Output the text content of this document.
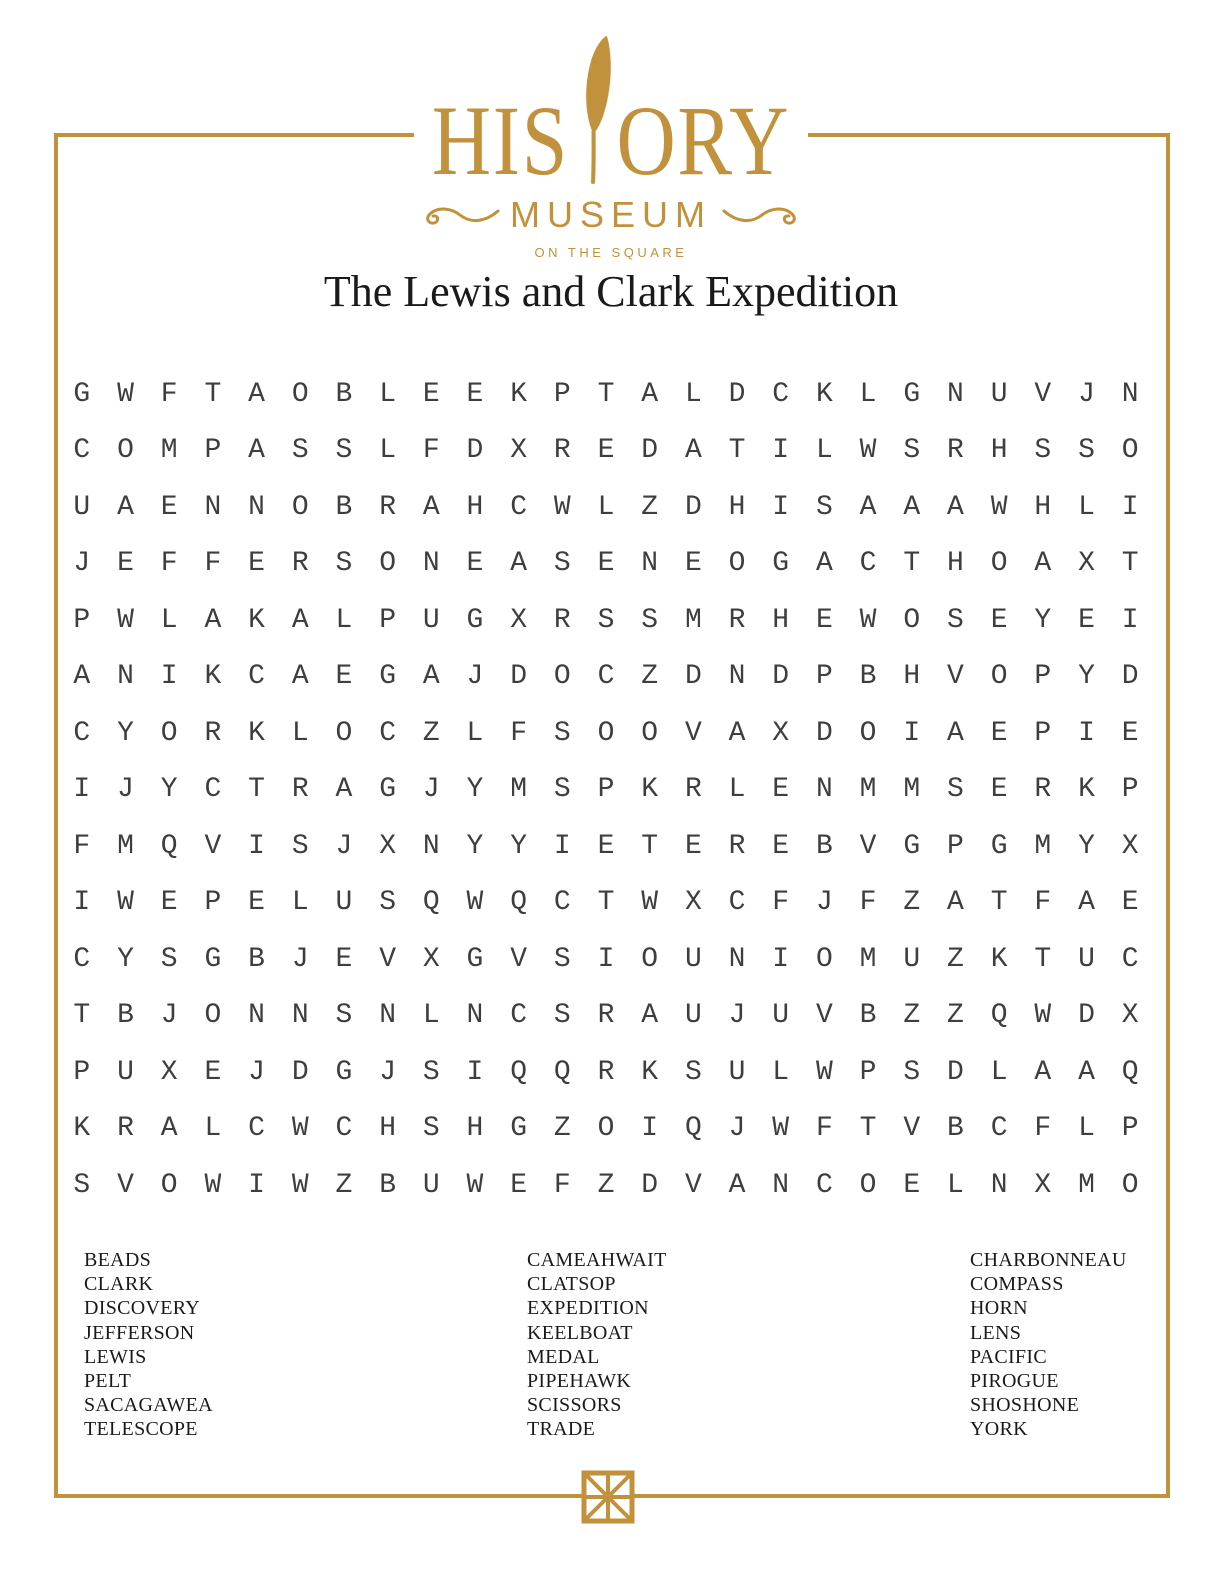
HIS ORY
MUSEUM
ON THE SQUARE
The Lewis and Clark Expedition
G W F T A O B L E E K P T A L D C K L G N U V J N
C O M P A S S L F D X R E D A T I L W S R H S S O
U A E N N O B R A H C W L Z D H I S A A A W H L I
J E F F E R S O N E A S E N E O G A C T H O A X T
P W L A K A L P U G X R S S M R H E W O S E Y E I
A N I K C A E G A J D O C Z D N D P B H V O P Y D
C Y O R K L O C Z L F S O O V A X D O I A E P I E
I J Y C T R A G J Y M S P K R L E N M M S E R K P
F M Q V I S J X N Y Y I E T E R E B V G P G M Y X
I W E P E L U S Q W Q C T W X C F J F Z A T F A E
C Y S G B J E V X G V S I O U N I O M U Z K T U C
T B J O N N S N L N C S R A U J U V B Z Z Q W D X
P U X E J D G J S I Q Q R K S U L W P S D L A A Q
K R A L C W C H S H G Z O I Q J W F T V B C F L P
S V O W I W Z B U W E F Z D V A N C O E L N X M O
BEADS
CLARK
DISCOVERY
JEFFERSON
LEWIS
PELT
SACAGAWEA
TELESCOPE
CAMEAHWAIT
CLATSOP
EXPEDITION
KEELBOAT
MEDAL
PIPEHAWK
SCISSORS
TRADE
CHARBONNEAU
COMPASS
HORN
LENS
PACIFIC
PIROGUE
SHOSHONE
YORK
